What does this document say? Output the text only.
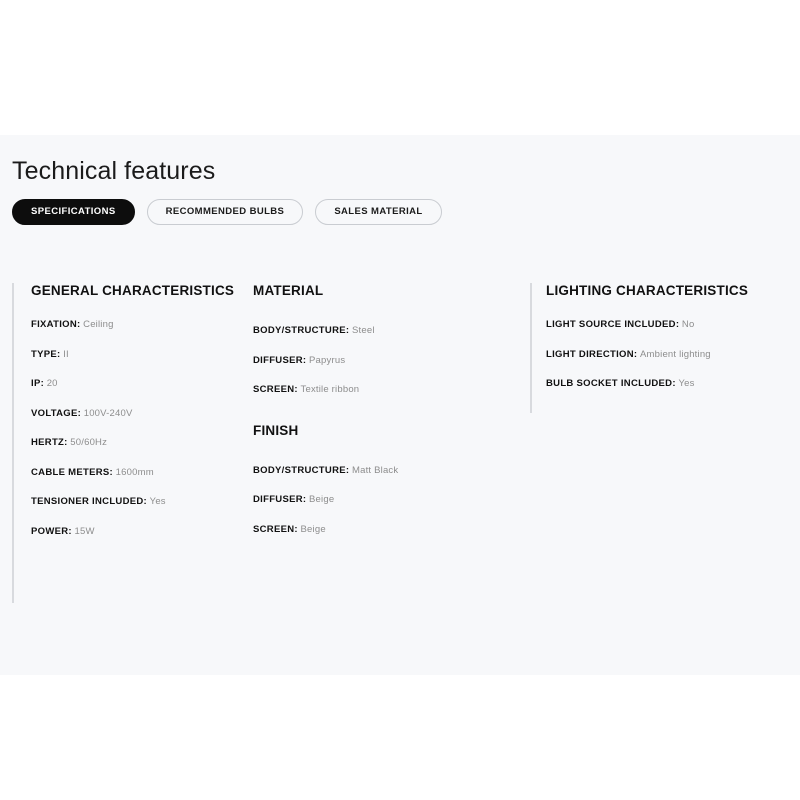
Technical features
SPECIFICATIONS	RECOMMENDED BULBS	SALES MATERIAL
GENERAL CHARACTERISTICS
FIXATION: Ceiling
TYPE: II
IP: 20
VOLTAGE: 100V-240V
HERTZ: 50/60Hz
CABLE METERS: 1600mm
TENSIONER INCLUDED: Yes
POWER: 15W
MATERIAL
BODY/STRUCTURE: Steel
DIFFUSER: Papyrus
SCREEN: Textile ribbon
FINISH
BODY/STRUCTURE: Matt Black
DIFFUSER: Beige
SCREEN: Beige
LIGHTING CHARACTERISTICS
LIGHT SOURCE INCLUDED: No
LIGHT DIRECTION: Ambient lighting
BULB SOCKET INCLUDED: Yes
